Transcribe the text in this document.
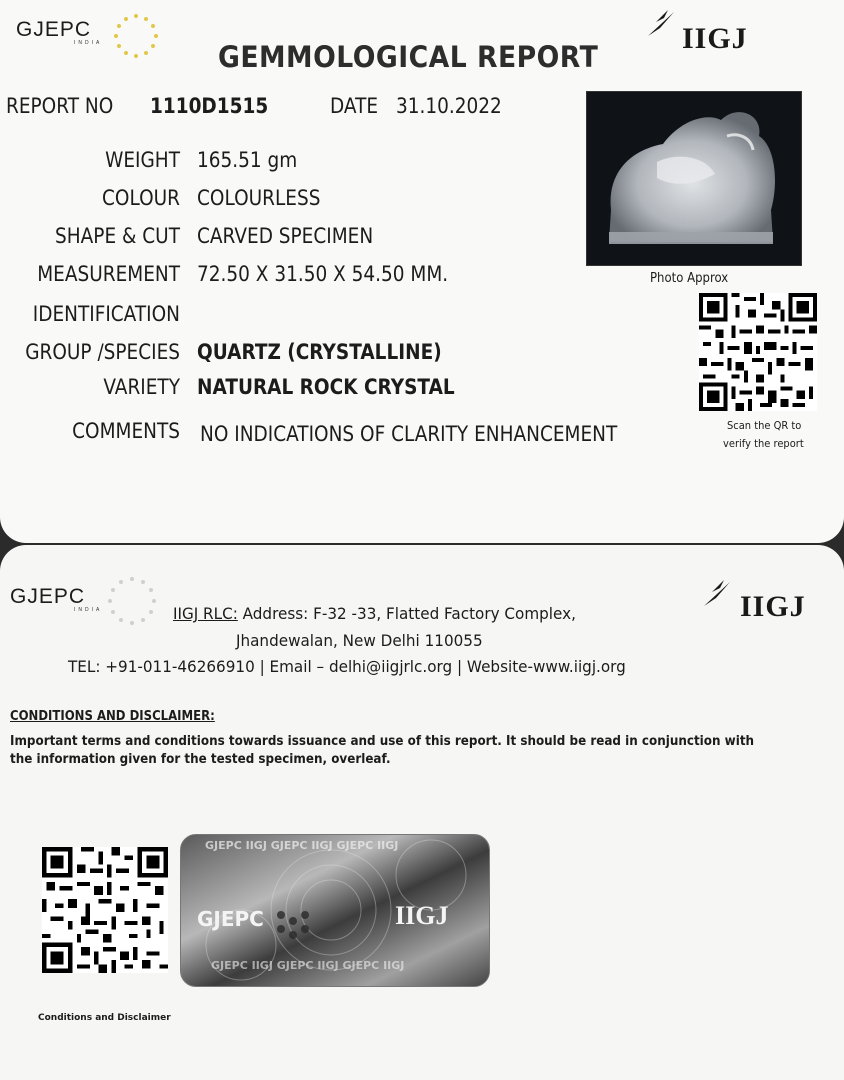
GJEPC
INDIA	IIGJ
GEMMOLOGICAL REPORT
REPORT NO 1110D1515	DATE 31.10.2022
WEIGHT 165.51 gm
COLOUR COLOURLESS
SHAPE & CUT CARVED SPECIMEN
MEASUREMENT 72.50 X 31.50 X 54.50 MM.
IDENTIFICATION
GROUP /SPECIES QUARTZ (CRYSTALLINE)
VARIETY NATURAL ROCK CRYSTAL
COMMENTS NO INDICATIONS OF CLARITY ENHANCEMENT
Photo Approx
Scan the QR to
verify the report
GJEPC
INDIA	IIGJ
IIGJ RLC: Address: F-32 -33, Flatted Factory Complex,
Jhandewalan, New Delhi 110055
TEL: +91-011-46266910 | Email – delhi@iigjrlc.org | Website-www.iigj.org
CONDITIONS AND DISCLAIMER:
Important terms and conditions towards issuance and use of this report. It should be read in conjunction with
the information given for the tested specimen, overleaf.
Conditions and Disclaimer
GJEPC IIGJ GJEPC IIGJ GJEPC IIGJ
GJEPC IIGJ GJEPC IIGJ GJEPC IIGJ
GJEPC	IIGJ
